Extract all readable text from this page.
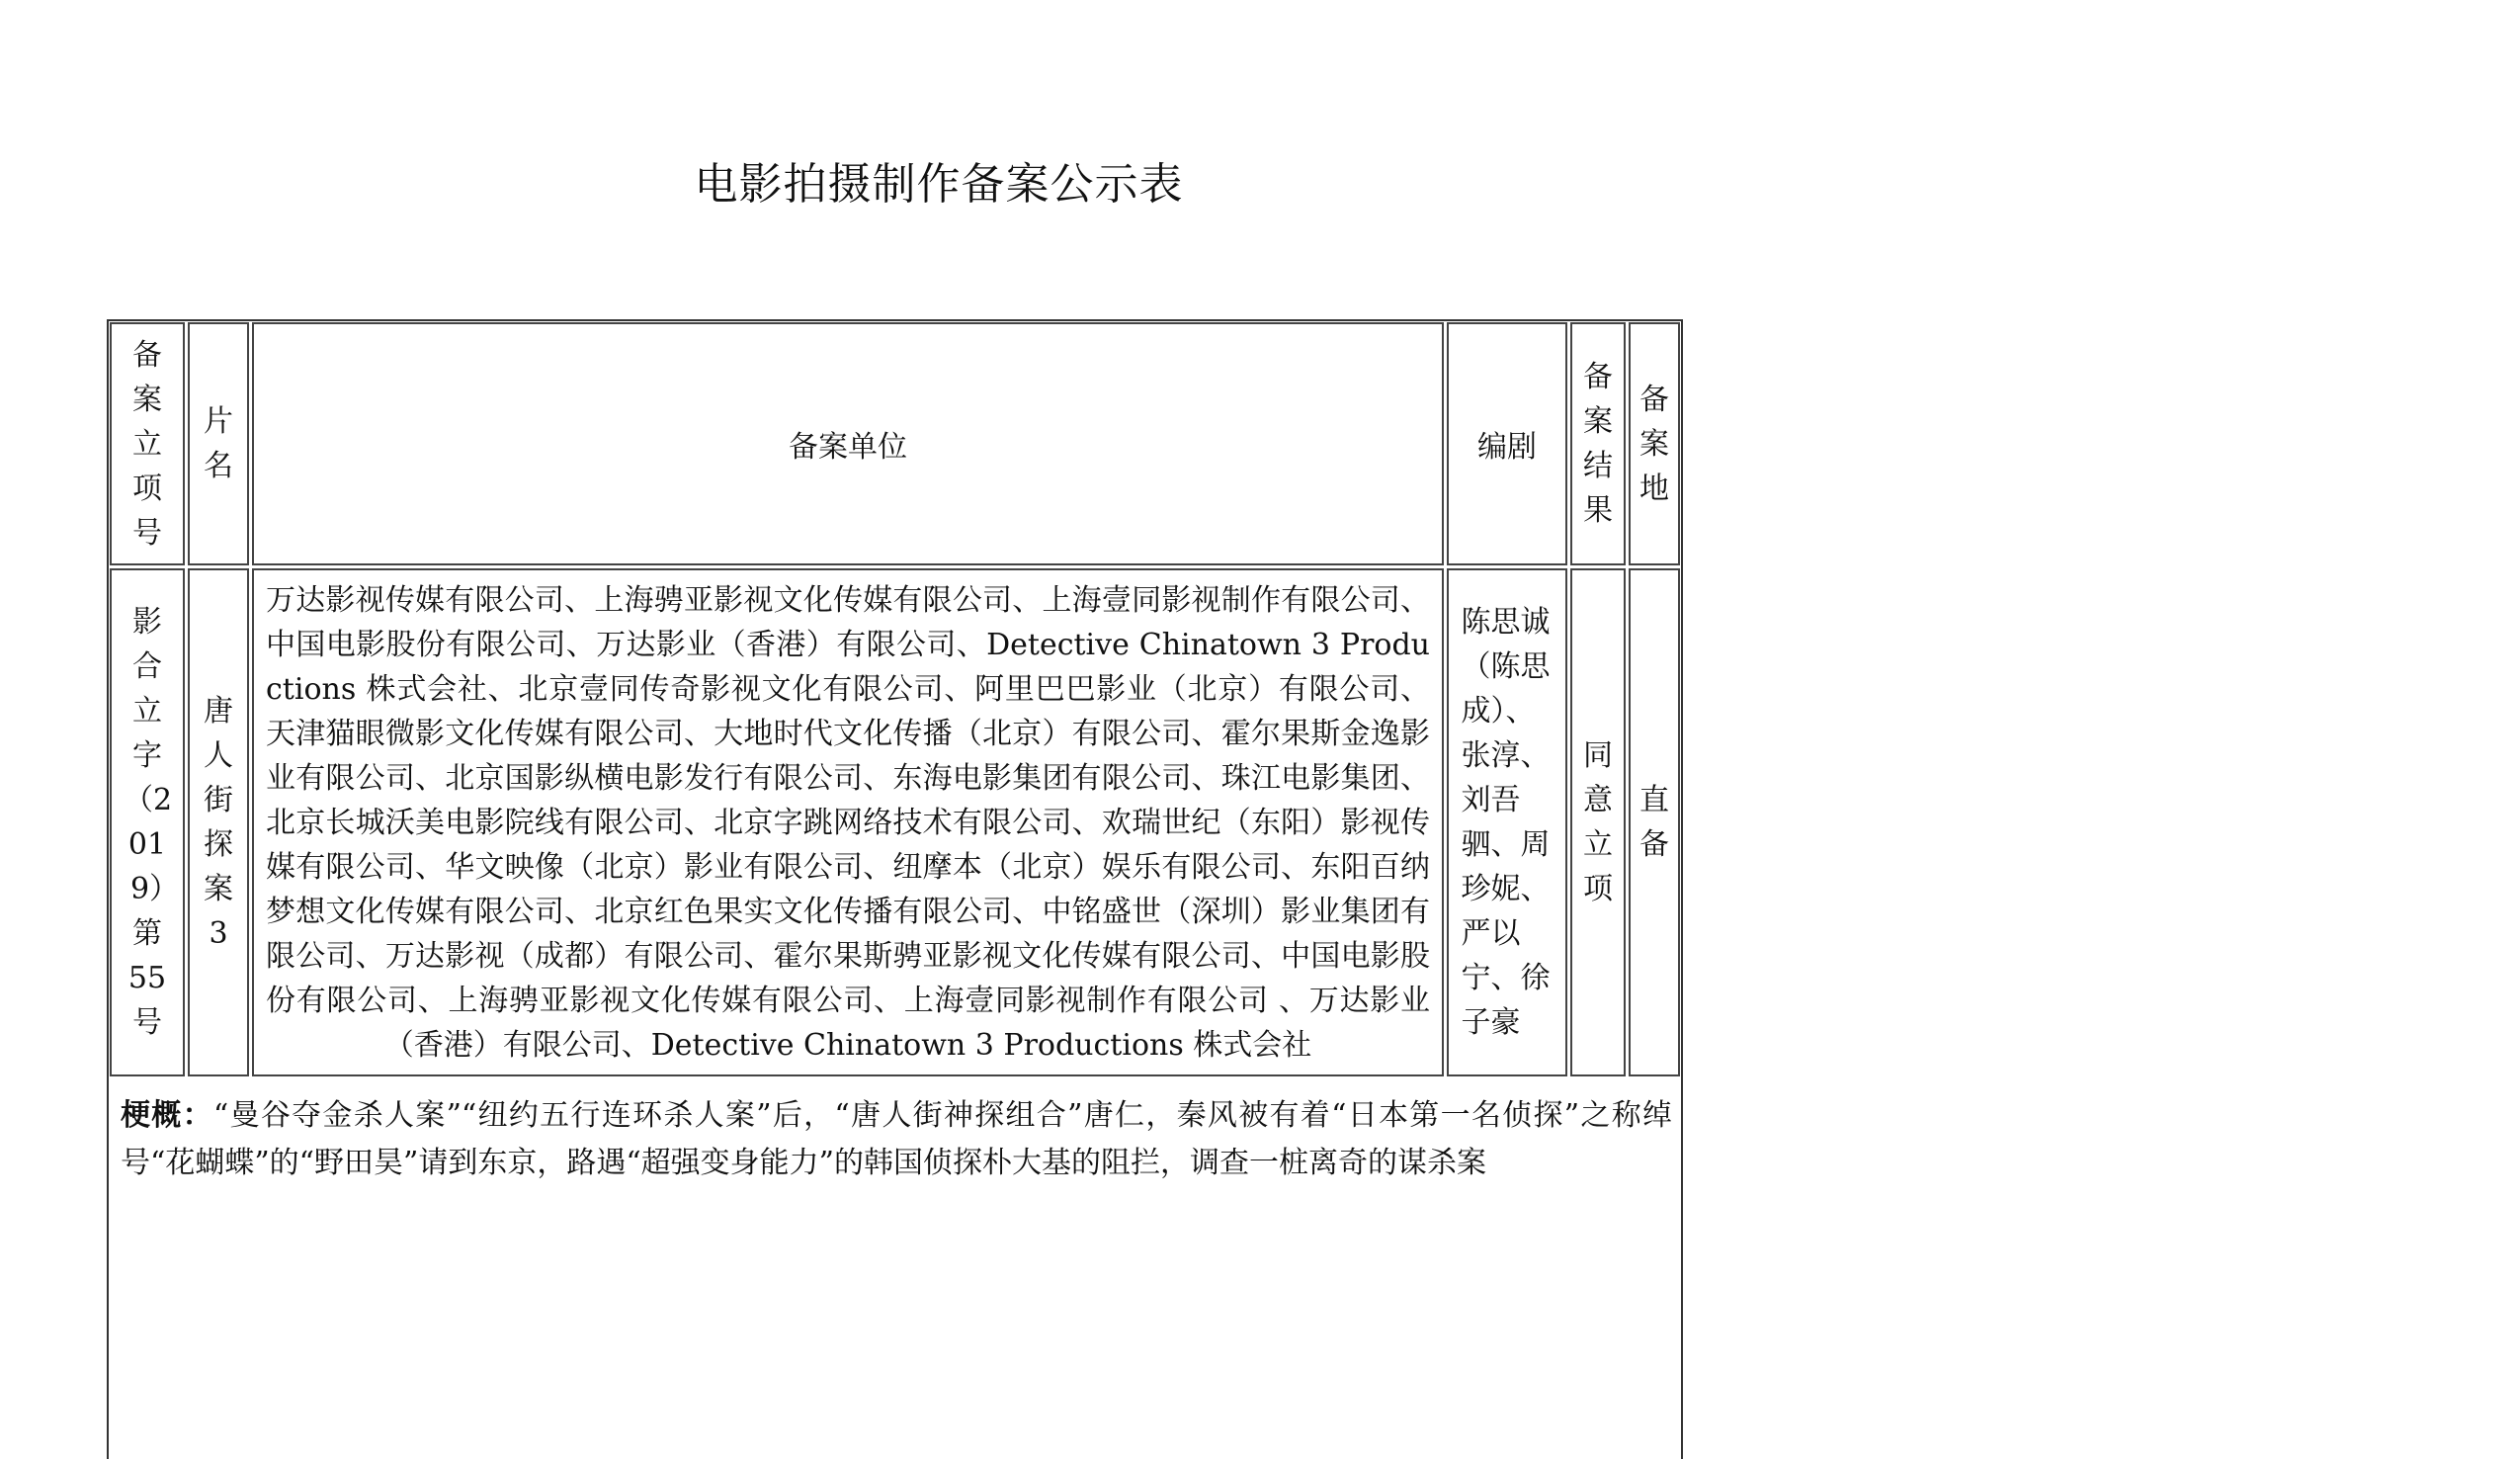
电影拍摄制作备案公示表
备案立项号	片名	备案单位	编剧	备案结果	备案地
影合立字（2019）第55号	唐人街探案3	万达影视传媒有限公司、上海骋亚影视文化传媒有限公司、上海壹同影视制作有限公司、中国电影股份有限公司、万达影业（香港）有限公司、Detective Chinatown 3 Productions 株式会社、北京壹同传奇影视文化有限公司、阿里巴巴影业（北京）有限公司、天津猫眼微影文化传媒有限公司、大地时代文化传播（北京）有限公司、霍尔果斯金逸影业有限公司、北京国影纵横电影发行有限公司、东海电影集团有限公司、珠江电影集团、北京长城沃美电影院线有限公司、北京字跳网络技术有限公司、欢瑞世纪（东阳）影视传媒有限公司、华文映像（北京）影业有限公司、纽摩本（北京）娱乐有限公司、东阳百纳梦想文化传媒有限公司、北京红色果实文化传播有限公司、中铭盛世（深圳）影业集团有限公司、万达影视（成都）有限公司、霍尔果斯骋亚影视文化传媒有限公司、中国电影股份有限公司、上海骋亚影视文化传媒有限公司、上海壹同影视制作有限公司 、万达影业（香港）有限公司、Detective Chinatown 3 Productions 株式会社	陈思诚（陈思成）、张淳、刘吾驷、周珍妮、严以宁、徐子豪	同意立项	直备
梗概：“曼谷夺金杀人案”“纽约五行连环杀人案”后，“唐人街神探组合”唐仁，秦风被有着“日本第一名侦探”之称绰号“花蝴蝶”的“野田昊”请到东京，路遇“超强变身能力”的韩国侦探朴大基的阻拦，调查一桩离奇的谋杀案
